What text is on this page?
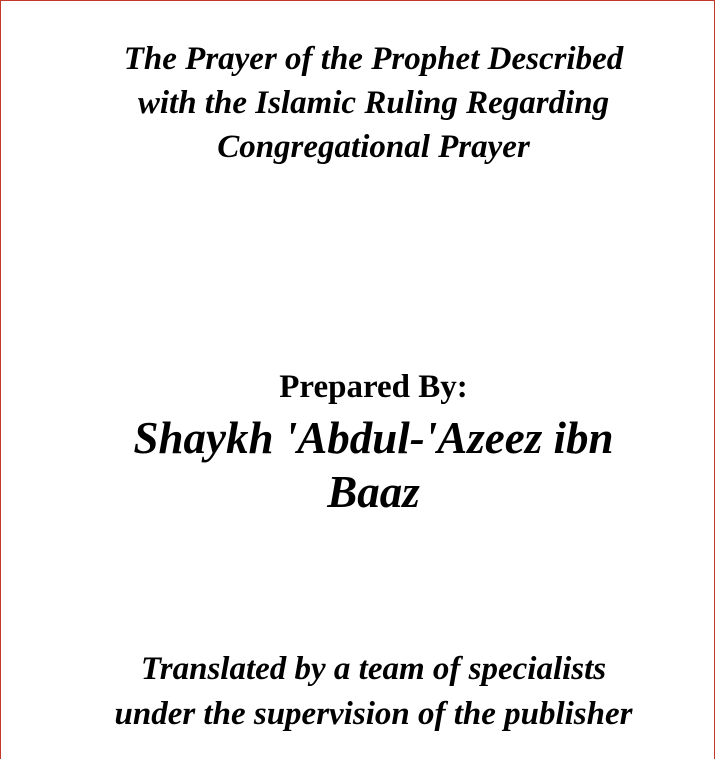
The Prayer of the Prophet Described
with the Islamic Ruling Regarding
Congregational Prayer

Prepared By:

Shaykh 'Abdul-'Azeez ibn
Baaz

Translated by a team of specialists
under the supervision of the publisher
